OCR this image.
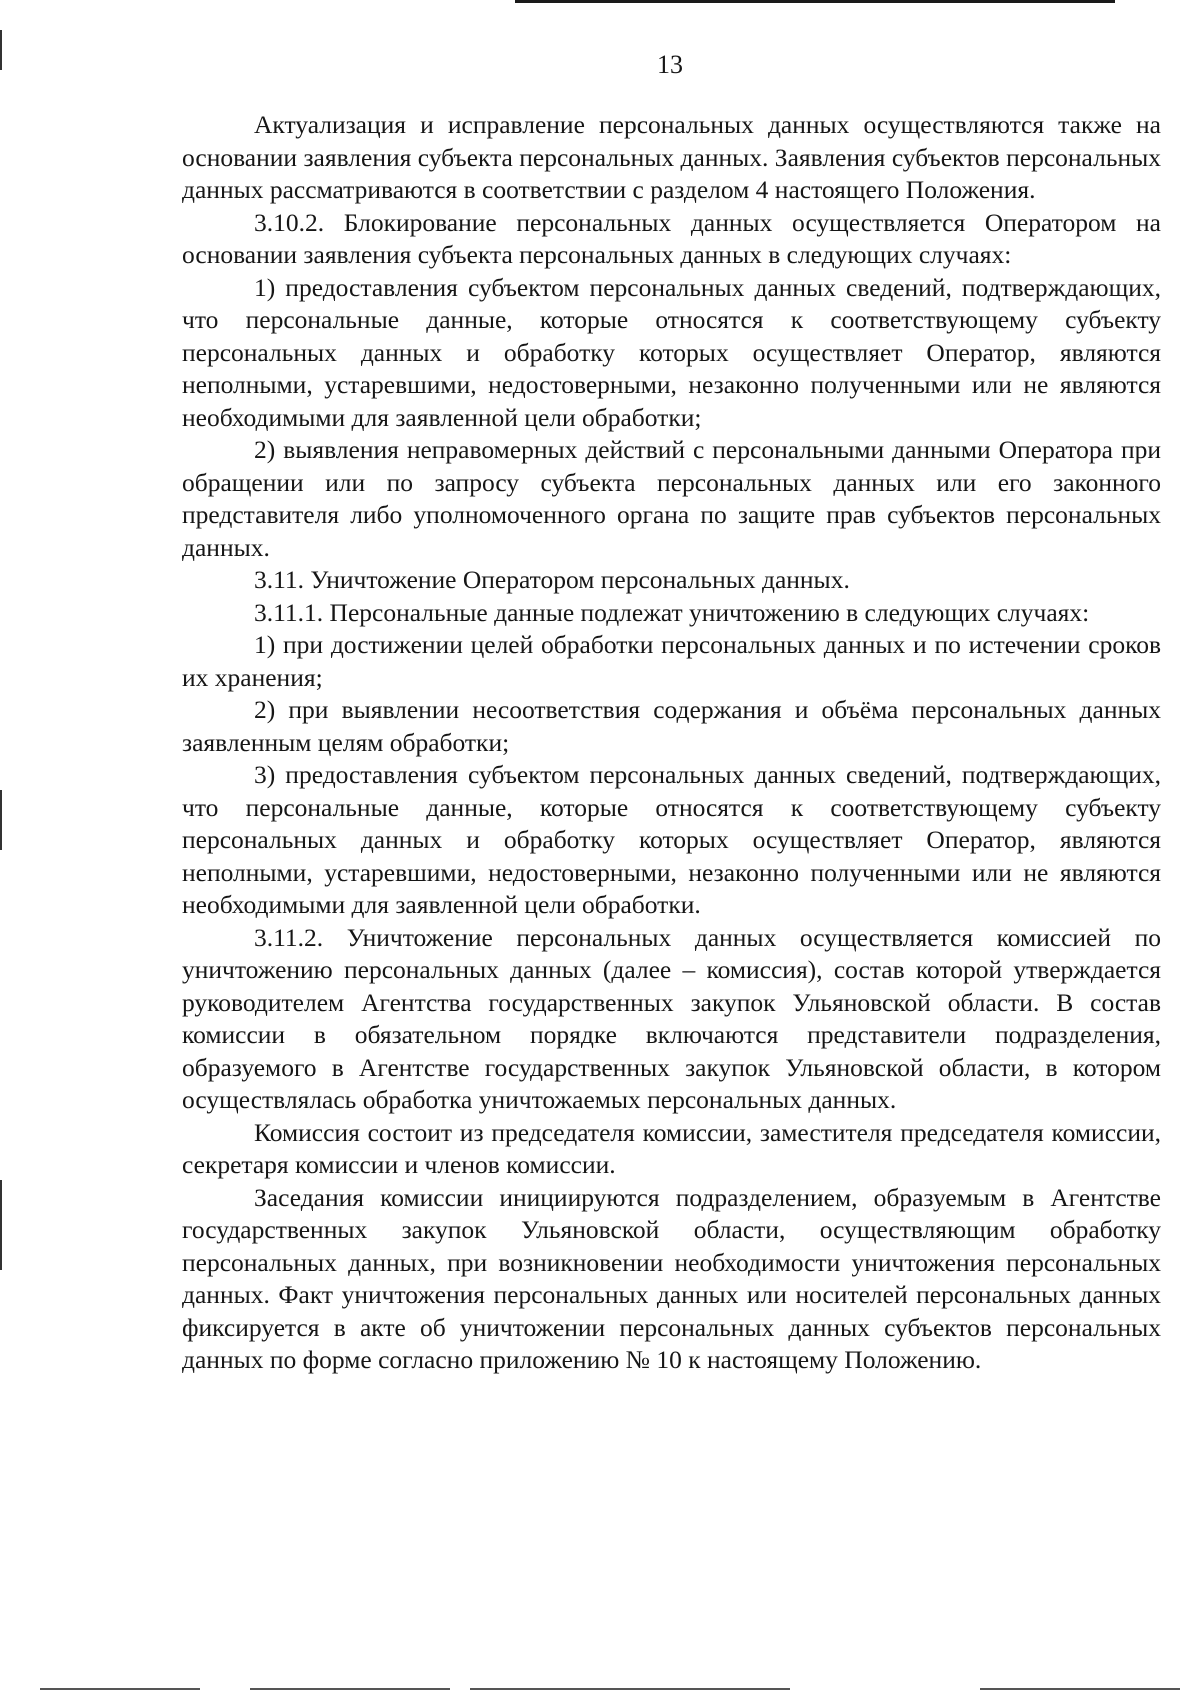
13

Актуализация и исправление персональных данных осуществляются также на основании заявления субъекта персональных данных. Заявления субъектов персональных данных рассматриваются в соответствии с разделом 4 настоящего Положения.

3.10.2. Блокирование персональных данных осуществляется Оператором на основании заявления субъекта персональных данных в следующих случаях:

1) предоставления субъектом персональных данных сведений, подтверждающих, что персональные данные, которые относятся к соответствующему субъекту персональных данных и обработку которых осуществляет Оператор, являются неполными, устаревшими, недостоверными, незаконно полученными или не являются необходимыми для заявленной цели обработки;

2) выявления неправомерных действий с персональными данными Оператора при обращении или по запросу субъекта персональных данных или его законного представителя либо уполномоченного органа по защите прав субъектов персональных данных.

3.11. Уничтожение Оператором персональных данных.

3.11.1. Персональные данные подлежат уничтожению в следующих случаях:

1) при достижении целей обработки персональных данных и по истечении сроков их хранения;

2) при выявлении несоответствия содержания и объёма персональных данных заявленным целям обработки;

3) предоставления субъектом персональных данных сведений, подтверждающих, что персональные данные, которые относятся к соответствующему субъекту персональных данных и обработку которых осуществляет Оператор, являются неполными, устаревшими, недостоверными, незаконно полученными или не являются необходимыми для заявленной цели обработки.

3.11.2. Уничтожение персональных данных осуществляется комиссией по уничтожению персональных данных (далее – комиссия), состав которой утверждается руководителем Агентства государственных закупок Ульяновской области. В состав комиссии в обязательном порядке включаются представители подразделения, образуемого в Агентстве государственных закупок Ульяновской области, в котором осуществлялась обработка уничтожаемых персональных данных.

Комиссия состоит из председателя комиссии, заместителя председателя комиссии, секретаря комиссии и членов комиссии.

Заседания комиссии инициируются подразделением, образуемым в Агентстве государственных закупок Ульяновской области, осуществляющим обработку персональных данных, при возникновении необходимости уничтожения персональных данных. Факт уничтожения персональных данных или носителей персональных данных фиксируется в акте об уничтожении персональных данных субъектов персональных данных по форме согласно приложению № 10 к настоящему Положению.
